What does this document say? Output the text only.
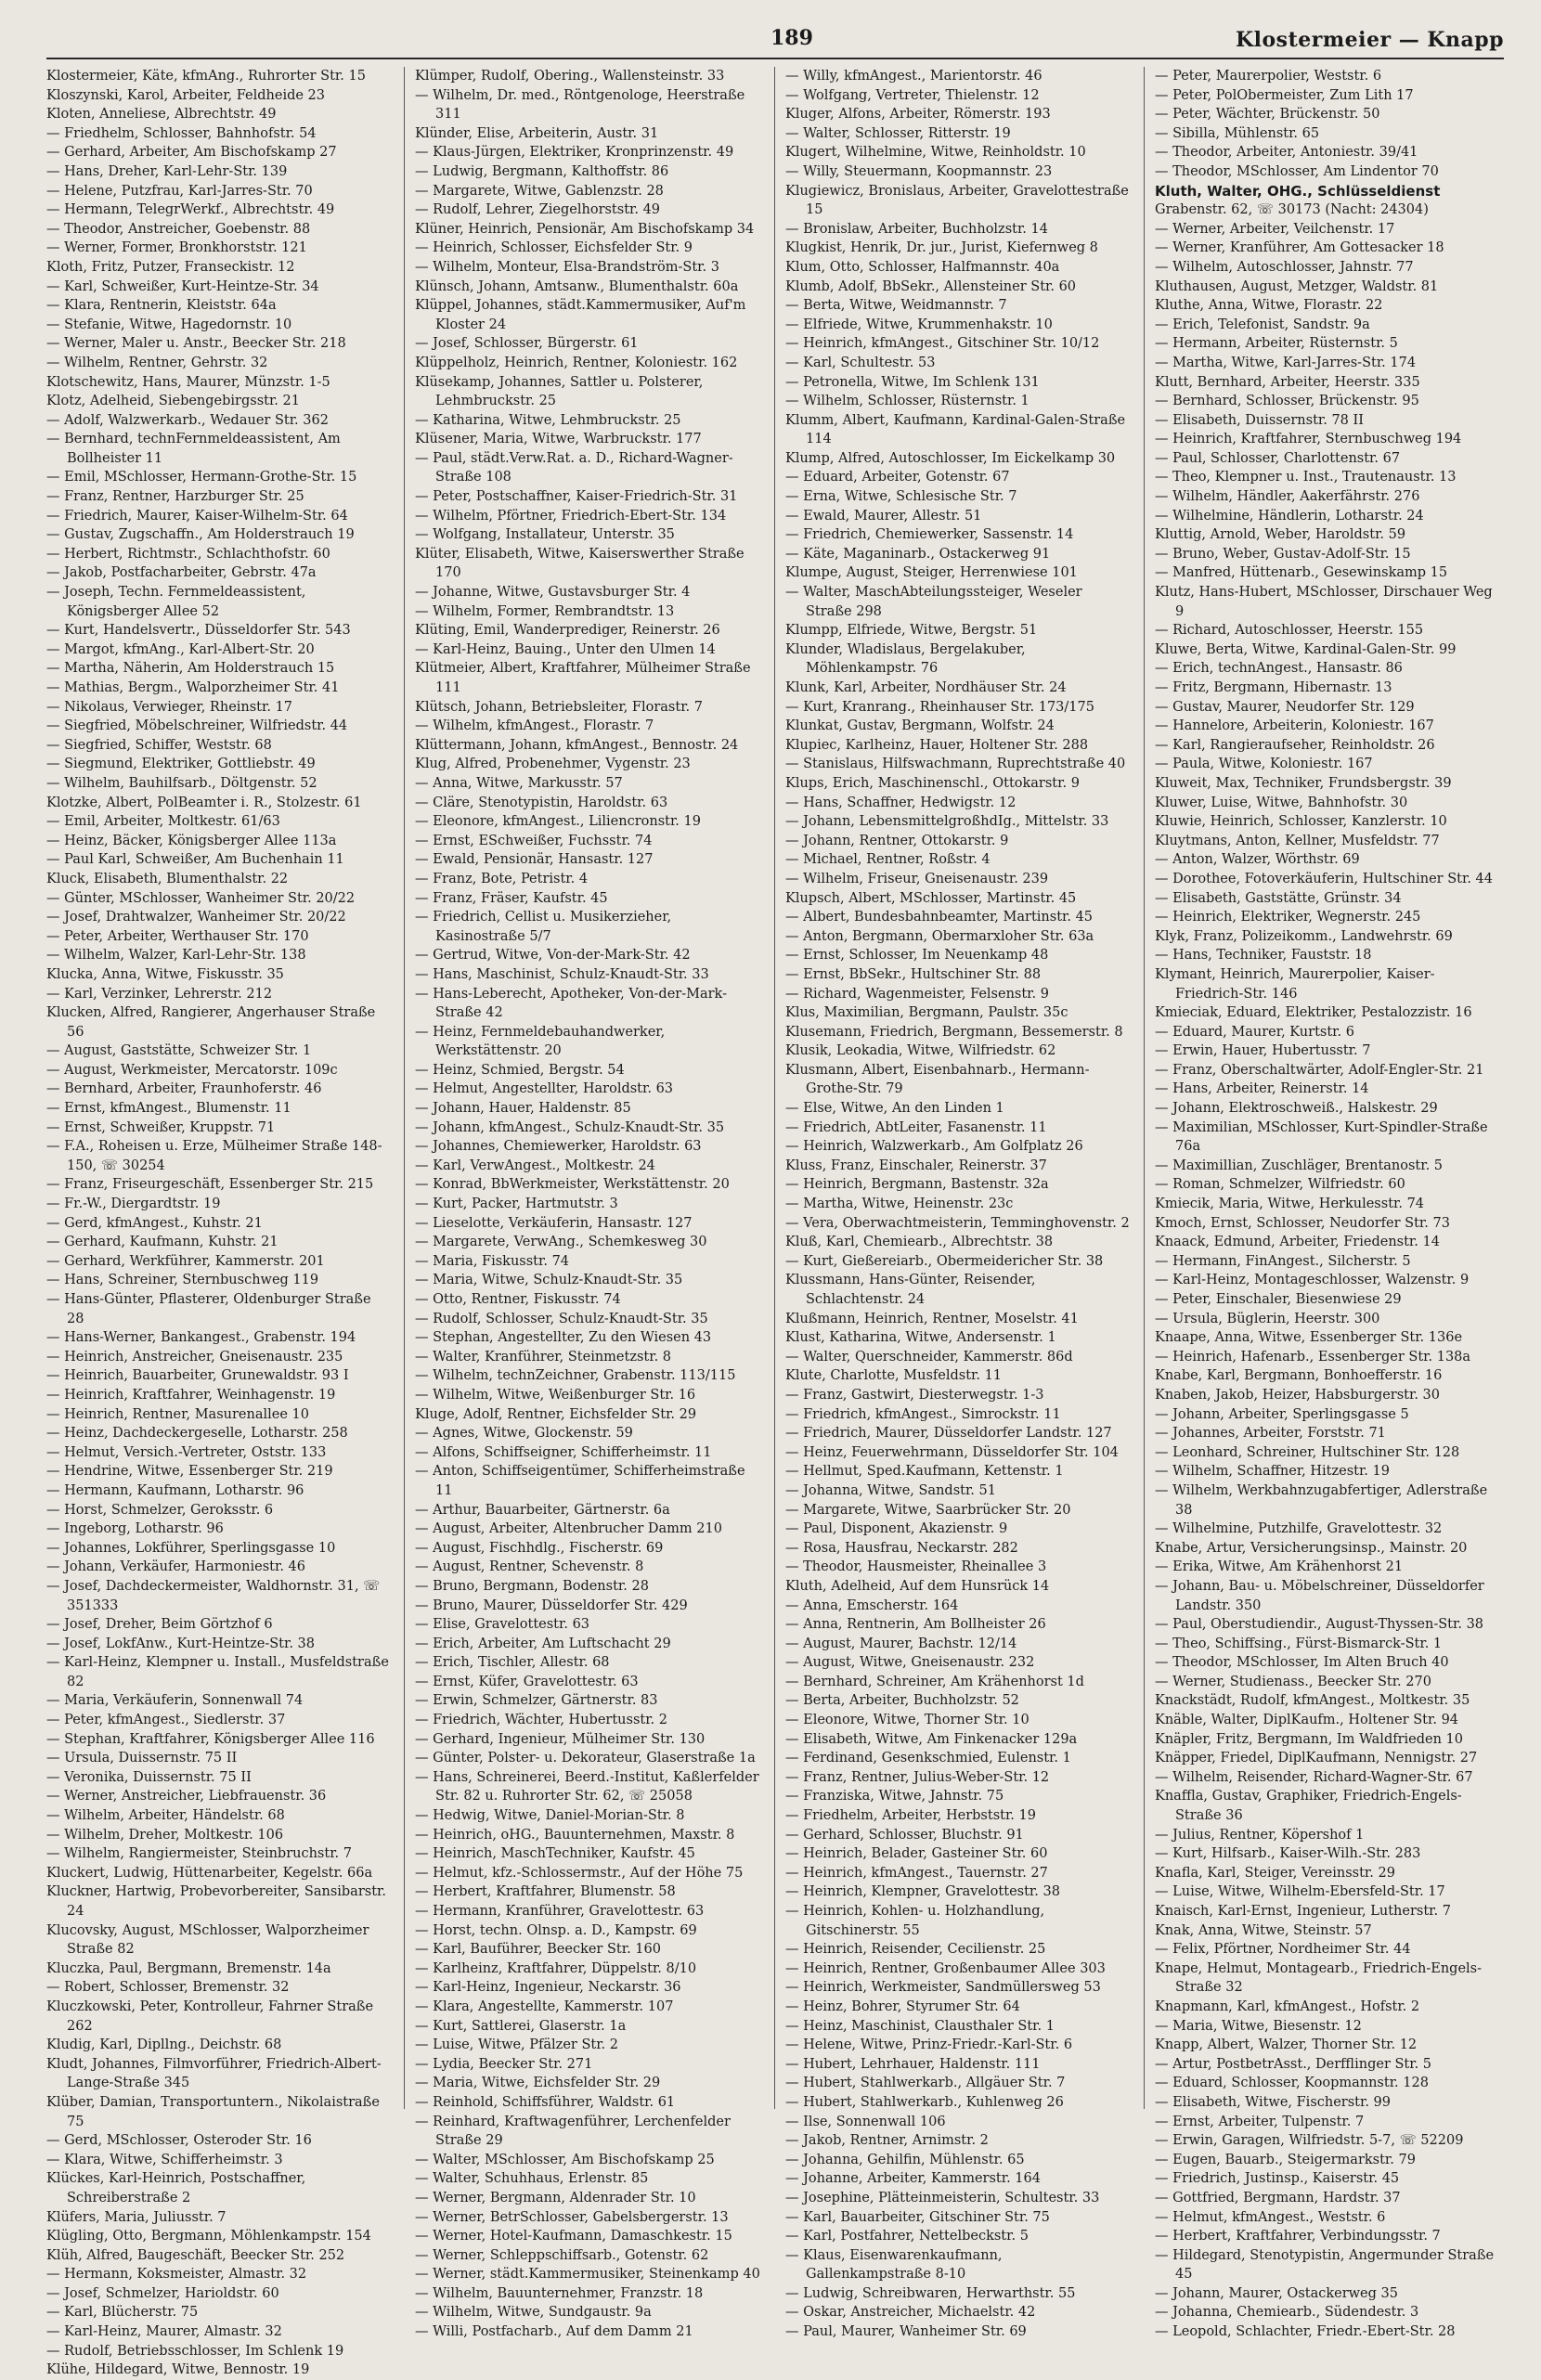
189	Klostermeier — Knapp
Klostermeier, Käte, kfmAng., Ruhrorter Str. 15
Kloszynski, Karol, Arbeiter, Feldheide 23
Kloten, Anneliese, Albrechtstr. 49
— Friedhelm, Schlosser, Bahnhofstr. 54
— Gerhard, Arbeiter, Am Bischofskamp 27
— Hans, Dreher, Karl-Lehr-Str. 139
— Helene, Putzfrau, Karl-Jarres-Str. 70
— Hermann, TelegrWerkf., Albrechtstr. 49
— Theodor, Anstreicher, Goebenstr. 88
— Werner, Former, Bronkhorststr. 121
Kloth, Fritz, Putzer, Franseckistr. 12
— Karl, Schweißer, Kurt-Heintze-Str. 34
— Klara, Rentnerin, Kleiststr. 64a
— Stefanie, Witwe, Hagedornstr. 10
— Werner, Maler u. Anstr., Beecker Str. 218
— Wilhelm, Rentner, Gehrstr. 32
Klotschewitz, Hans, Maurer, Münzstr. 1-5
Klotz, Adelheid, Siebengebirgsstr. 21
— Adolf, Walzwerkarb., Wedauer Str. 362
— Bernhard, technFernmeldeassistent, Am Bollheister 11
— Emil, MSchlosser, Hermann-Grothe-Str. 15
— Franz, Rentner, Harzburger Str. 25
— Friedrich, Maurer, Kaiser-Wilhelm-Str. 64
— Gustav, Zugschaffn., Am Holderstrauch 19
— Herbert, Richtmstr., Schlachthofstr. 60
— Jakob, Postfacharbeiter, Gebrstr. 47a
— Joseph, Techn. Fernmeldeassistent, Königsberger Allee 52
— Kurt, Handelsvertr., Düsseldorfer Str. 543
— Margot, kfmAng., Karl-Albert-Str. 20
— Martha, Näherin, Am Holderstrauch 15
— Mathias, Bergm., Walporzheimer Str. 41
— Nikolaus, Verwieger, Rheinstr. 17
— Siegfried, Möbelschreiner, Wilfriedstr. 44
— Siegfried, Schiffer, Weststr. 68
— Siegmund, Elektriker, Gottliebstr. 49
— Wilhelm, Bauhilfsarb., Döltgenstr. 52
Klotzke, Albert, PolBeamter i. R., Stolzestr. 61
— Emil, Arbeiter, Moltkestr. 61/63
— Heinz, Bäcker, Königsberger Allee 113a
— Paul Karl, Schweißer, Am Buchenhain 11
Kluck, Elisabeth, Blumenthalstr. 22
— Günter, MSchlosser, Wanheimer Str. 20/22
— Josef, Drahtwalzer, Wanheimer Str. 20/22
— Peter, Arbeiter, Werthauser Str. 170
— Wilhelm, Walzer, Karl-Lehr-Str. 138
Klucka, Anna, Witwe, Fiskusstr. 35
— Karl, Verzinker, Lehrerstr. 212
Klucken, Alfred, Rangierer, Angerhauser Straße 56
— August, Gaststätte, Schweizer Str. 1
— August, Werkmeister, Mercatorstr. 109c
— Bernhard, Arbeiter, Fraunhoferstr. 46
— Ernst, kfmAngest., Blumenstr. 11
— Ernst, Schweißer, Kruppstr. 71
— F.A., Roheisen u. Erze, Mülheimer Straße 148-150, ☏ 30254
— Franz, Friseurgeschäft, Essenberger Str. 215
— Fr.-W., Diergardtstr. 19
— Gerd, kfmAngest., Kuhstr. 21
— Gerhard, Kaufmann, Kuhstr. 21
— Gerhard, Werkführer, Kammerstr. 201
— Hans, Schreiner, Sternbuschweg 119
— Hans-Günter, Pflasterer, Oldenburger Straße 28
— Hans-Werner, Bankangest., Grabenstr. 194
— Heinrich, Anstreicher, Gneisenaustr. 235
— Heinrich, Bauarbeiter, Grunewaldstr. 93 I
— Heinrich, Kraftfahrer, Weinhagenstr. 19
— Heinrich, Rentner, Masurenallee 10
— Heinz, Dachdeckergeselle, Lotharstr. 258
— Helmut, Versich.-Vertreter, Oststr. 133
— Hendrine, Witwe, Essenberger Str. 219
— Hermann, Kaufmann, Lotharstr. 96
— Horst, Schmelzer, Geroksstr. 6
— Ingeborg, Lotharstr. 96
— Johannes, Lokführer, Sperlingsgasse 10
— Johann, Verkäufer, Harmoniestr. 46
— Josef, Dachdeckermeister, Waldhornstr. 31, ☏ 351333
— Josef, Dreher, Beim Görtzhof 6
— Josef, LokfAnw., Kurt-Heintze-Str. 38
— Karl-Heinz, Klempner u. Install., Musfeldstraße 82
— Maria, Verkäuferin, Sonnenwall 74
— Peter, kfmAngest., Siedlerstr. 37
— Stephan, Kraftfahrer, Königsberger Allee 116
— Ursula, Duissernstr. 75 II
— Veronika, Duissernstr. 75 II
— Werner, Anstreicher, Liebfrauenstr. 36
— Wilhelm, Arbeiter, Händelstr. 68
— Wilhelm, Dreher, Moltkestr. 106
— Wilhelm, Rangiermeister, Steinbruchstr. 7
Kluckert, Ludwig, Hüttenarbeiter, Kegelstr. 66a
Kluckner, Hartwig, Probevorbereiter, Sansibarstr. 24
Klucovsky, August, MSchlosser, Walporzheimer Straße 82
Kluczka, Paul, Bergmann, Bremenstr. 14a
— Robert, Schlosser, Bremenstr. 32
Kluczkowski, Peter, Kontrolleur, Fahrner Straße 262
Kludig, Karl, Dipllng., Deichstr. 68
Kludt, Johannes, Filmvorführer, Friedrich-Albert-Lange-Straße 345
Klüber, Damian, Transportuntern., Nikolaistraße 75
— Gerd, MSchlosser, Osteroder Str. 16
— Klara, Witwe, Schifferheimstr. 3
Klückes, Karl-Heinrich, Postschaffner, Schreiberstraße 2
Klüfers, Maria, Juliusstr. 7
Klügling, Otto, Bergmann, Möhlenkampstr. 154
Klüh, Alfred, Baugeschäft, Beecker Str. 252
— Hermann, Koksmeister, Almastr. 32
— Josef, Schmelzer, Harioldstr. 60
— Karl, Blücherstr. 75
— Karl-Heinz, Maurer, Almastr. 32
— Rudolf, Betriebsschlosser, Im Schlenk 19
Klühe, Hildegard, Witwe, Bennostr. 19
Klümper, Rudolf, Obering., Wallensteinstr. 33
— Wilhelm, Dr. med., Röntgenologe, Heerstraße 311
Klünder, Elise, Arbeiterin, Austr. 31
— Klaus-Jürgen, Elektriker, Kronprinzenstr. 49
— Ludwig, Bergmann, Kalthoffstr. 86
— Margarete, Witwe, Gablenzstr. 28
— Rudolf, Lehrer, Ziegelhorststr. 49
Klüner, Heinrich, Pensionär, Am Bischofskamp 34
— Heinrich, Schlosser, Eichsfelder Str. 9
— Wilhelm, Monteur, Elsa-Brandström-Str. 3
Klünsch, Johann, Amtsanw., Blumenthalstr. 60a
Klüppel, Johannes, städt.Kammermusiker, Auf'm Kloster 24
— Josef, Schlosser, Bürgerstr. 61
Klüppelholz, Heinrich, Rentner, Koloniestr. 162
Klüsekamp, Johannes, Sattler u. Polsterer, Lehmbruckstr. 25
— Katharina, Witwe, Lehmbruckstr. 25
Klüsener, Maria, Witwe, Warbruckstr. 177
— Paul, städt.Verw.Rat. a. D., Richard-Wagner-Straße 108
— Peter, Postschaffner, Kaiser-Friedrich-Str. 31
— Wilhelm, Pförtner, Friedrich-Ebert-Str. 134
— Wolfgang, Installateur, Unterstr. 35
Klüter, Elisabeth, Witwe, Kaiserswerther Straße 170
— Johanne, Witwe, Gustavsburger Str. 4
— Wilhelm, Former, Rembrandtstr. 13
Klüting, Emil, Wanderprediger, Reinerstr. 26
— Karl-Heinz, Bauing., Unter den Ulmen 14
Klütmeier, Albert, Kraftfahrer, Mülheimer Straße 111
Klütsch, Johann, Betriebsleiter, Florastr. 7
— Wilhelm, kfmAngest., Florastr. 7
Klüttermann, Johann, kfmAngest., Bennostr. 24
Klug, Alfred, Probenehmer, Vygenstr. 23
— Anna, Witwe, Markusstr. 57
— Cläre, Stenotypistin, Haroldstr. 63
— Eleonore, kfmAngest., Liliencronstr. 19
— Ernst, ESchweißer, Fuchsstr. 74
— Ewald, Pensionär, Hansastr. 127
— Franz, Bote, Petristr. 4
— Franz, Fräser, Kaufstr. 45
— Friedrich, Cellist u. Musikerzieher, Kasinostraße 5/7
— Gertrud, Witwe, Von-der-Mark-Str. 42
— Hans, Maschinist, Schulz-Knaudt-Str. 33
— Hans-Leberecht, Apotheker, Von-der-Mark-Straße 42
— Heinz, Fernmeldebauhandwerker, Werkstättenstr. 20
— Heinz, Schmied, Bergstr. 54
— Helmut, Angestellter, Haroldstr. 63
— Johann, Hauer, Haldenstr. 85
— Johann, kfmAngest., Schulz-Knaudt-Str. 35
— Johannes, Chemiewerker, Haroldstr. 63
— Karl, VerwAngest., Moltkestr. 24
— Konrad, BbWerkmeister, Werkstättenstr. 20
— Kurt, Packer, Hartmutstr. 3
— Lieselotte, Verkäuferin, Hansastr. 127
— Margarete, VerwAng., Schemkesweg 30
— Maria, Fiskusstr. 74
— Maria, Witwe, Schulz-Knaudt-Str. 35
— Otto, Rentner, Fiskusstr. 74
— Rudolf, Schlosser, Schulz-Knaudt-Str. 35
— Stephan, Angestellter, Zu den Wiesen 43
— Walter, Kranführer, Steinmetzstr. 8
— Wilhelm, technZeichner, Grabenstr. 113/115
— Wilhelm, Witwe, Weißenburger Str. 16
Kluge, Adolf, Rentner, Eichsfelder Str. 29
— Agnes, Witwe, Glockenstr. 59
— Alfons, Schiffseigner, Schifferheimstr. 11
— Anton, Schiffseigentümer, Schifferheimstraße 11
— Arthur, Bauarbeiter, Gärtnerstr. 6a
— August, Arbeiter, Altenbrucher Damm 210
— August, Fischhdlg., Fischerstr. 69
— August, Rentner, Schevenstr. 8
— Bruno, Bergmann, Bodenstr. 28
— Bruno, Maurer, Düsseldorfer Str. 429
— Elise, Gravelottestr. 63
— Erich, Arbeiter, Am Luftschacht 29
— Erich, Tischler, Allestr. 68
— Ernst, Küfer, Gravelottestr. 63
— Erwin, Schmelzer, Gärtnerstr. 83
— Friedrich, Wächter, Hubertusstr. 2
— Gerhard, Ingenieur, Mülheimer Str. 130
— Günter, Polster- u. Dekorateur, Glaserstraße 1a
— Hans, Schreinerei, Beerd.-Institut, Kaßlerfelder Str. 82 u. Ruhrorter Str. 62, ☏ 25058
— Hedwig, Witwe, Daniel-Morian-Str. 8
— Heinrich, oHG., Bauunternehmen, Maxstr. 8
— Heinrich, MaschTechniker, Kaufstr. 45
— Helmut, kfz.-Schlossermstr., Auf der Höhe 75
— Herbert, Kraftfahrer, Blumenstr. 58
— Hermann, Kranführer, Gravelottestr. 63
— Horst, techn. Olnsp. a. D., Kampstr. 69
— Karl, Bauführer, Beecker Str. 160
— Karlheinz, Kraftfahrer, Düppelstr. 8/10
— Karl-Heinz, Ingenieur, Neckarstr. 36
— Klara, Angestellte, Kammerstr. 107
— Kurt, Sattlerei, Glaserstr. 1a
— Luise, Witwe, Pfälzer Str. 2
— Lydia, Beecker Str. 271
— Maria, Witwe, Eichsfelder Str. 29
— Reinhold, Schiffsführer, Waldstr. 61
— Reinhard, Kraftwagenführer, Lerchenfelder Straße 29
— Walter, MSchlosser, Am Bischofskamp 25
— Walter, Schuhhaus, Erlenstr. 85
— Werner, Bergmann, Aldenrader Str. 10
— Werner, BetrSchlosser, Gabelsbergerstr. 13
— Werner, Hotel-Kaufmann, Damaschkestr. 15
— Werner, Schleppschiffsarb., Gotenstr. 62
— Werner, städt.Kammermusiker, Steinenkamp 40
— Wilhelm, Bauunternehmer, Franzstr. 18
— Wilhelm, Witwe, Sundgaustr. 9a
— Willi, Postfacharb., Auf dem Damm 21
— Willy, kfmAngest., Marientorstr. 46
— Wolfgang, Vertreter, Thielenstr. 12
Kluger, Alfons, Arbeiter, Römerstr. 193
— Walter, Schlosser, Ritterstr. 19
Klugert, Wilhelmine, Witwe, Reinholdstr. 10
— Willy, Steuermann, Koopmannstr. 23
Klugiewicz, Bronislaus, Arbeiter, Gravelottestraße 15
— Bronislaw, Arbeiter, Buchholzstr. 14
Klugkist, Henrik, Dr. jur., Jurist, Kiefernweg 8
Klum, Otto, Schlosser, Halfmannstr. 40a
Klumb, Adolf, BbSekr., Allensteiner Str. 60
— Berta, Witwe, Weidmannstr. 7
— Elfriede, Witwe, Krummenhakstr. 10
— Heinrich, kfmAngest., Gitschiner Str. 10/12
— Karl, Schultestr. 53
— Petronella, Witwe, Im Schlenk 131
— Wilhelm, Schlosser, Rüsternstr. 1
Klumm, Albert, Kaufmann, Kardinal-Galen-Straße 114
Klump, Alfred, Autoschlosser, Im Eickelkamp 30
— Eduard, Arbeiter, Gotenstr. 67
— Erna, Witwe, Schlesische Str. 7
— Ewald, Maurer, Allestr. 51
— Friedrich, Chemiewerker, Sassenstr. 14
— Käte, Maganinarb., Ostackerweg 91
Klumpe, August, Steiger, Herrenwiese 101
— Walter, MaschAbteilungssteiger, Weseler Straße 298
Klumpp, Elfriede, Witwe, Bergstr. 51
Klunder, Wladislaus, Bergelakuber, Möhlenkampstr. 76
Klunk, Karl, Arbeiter, Nordhäuser Str. 24
— Kurt, Kranrang., Rheinhauser Str. 173/175
Klunkat, Gustav, Bergmann, Wolfstr. 24
Klupiec, Karlheinz, Hauer, Holtener Str. 288
— Stanislaus, Hilfswachmann, Ruprechtstraße 40
Klups, Erich, Maschinenschl., Ottokarstr. 9
— Hans, Schaffner, Hedwigstr. 12
— Johann, LebensmittelgroßhdIg., Mittelstr. 33
— Johann, Rentner, Ottokarstr. 9
— Michael, Rentner, Roßstr. 4
— Wilhelm, Friseur, Gneisenaustr. 239
Klupsch, Albert, MSchlosser, Martinstr. 45
— Albert, Bundesbahnbeamter, Martinstr. 45
— Anton, Bergmann, Obermarxloher Str. 63a
— Ernst, Schlosser, Im Neuenkamp 48
— Ernst, BbSekr., Hultschiner Str. 88
— Richard, Wagenmeister, Felsenstr. 9
Klus, Maximilian, Bergmann, Paulstr. 35c
Klusemann, Friedrich, Bergmann, Bessemerstr. 8
Klusik, Leokadia, Witwe, Wilfriedstr. 62
Klusmann, Albert, Eisenbahnarb., Hermann-Grothe-Str. 79
— Else, Witwe, An den Linden 1
— Friedrich, AbtLeiter, Fasanenstr. 11
— Heinrich, Walzwerkarb., Am Golfplatz 26
Kluss, Franz, Einschaler, Reinerstr. 37
— Heinrich, Bergmann, Bastenstr. 32a
— Martha, Witwe, Heinenstr. 23c
— Vera, Oberwachtmeisterin, Temminghovenstr. 2
Kluß, Karl, Chemiearb., Albrechtstr. 38
— Kurt, Gießereiarb., Obermeidericher Str. 38
Klussmann, Hans-Günter, Reisender, Schlachtenstr. 24
Klußmann, Heinrich, Rentner, Moselstr. 41
Klust, Katharina, Witwe, Andersenstr. 1
— Walter, Querschneider, Kammerstr. 86d
Klute, Charlotte, Musfeldstr. 11
— Franz, Gastwirt, Diesterwegstr. 1-3
— Friedrich, kfmAngest., Simrockstr. 11
— Friedrich, Maurer, Düsseldorfer Landstr. 127
— Heinz, Feuerwehrmann, Düsseldorfer Str. 104
— Hellmut, Sped.Kaufmann, Kettenstr. 1
— Johanna, Witwe, Sandstr. 51
— Margarete, Witwe, Saarbrücker Str. 20
— Paul, Disponent, Akazienstr. 9
— Rosa, Hausfrau, Neckarstr. 282
— Theodor, Hausmeister, Rheinallee 3
Kluth, Adelheid, Auf dem Hunsrück 14
— Anna, Emscherstr. 164
— Anna, Rentnerin, Am Bollheister 26
— August, Maurer, Bachstr. 12/14
— August, Witwe, Gneisenaustr. 232
— Bernhard, Schreiner, Am Krähenhorst 1d
— Berta, Arbeiter, Buchholzstr. 52
— Eleonore, Witwe, Thorner Str. 10
— Elisabeth, Witwe, Am Finkenacker 129a
— Ferdinand, Gesenkschmied, Eulenstr. 1
— Franz, Rentner, Julius-Weber-Str. 12
— Franziska, Witwe, Jahnstr. 75
— Friedhelm, Arbeiter, Herbststr. 19
— Gerhard, Schlosser, Bluchstr. 91
— Heinrich, Belader, Gasteiner Str. 60
— Heinrich, kfmAngest., Tauernstr. 27
— Heinrich, Klempner, Gravelottestr. 38
— Heinrich, Kohlen- u. Holzhandlung, Gitschinerstr. 55
— Heinrich, Reisender, Cecilienstr. 25
— Heinrich, Rentner, Großenbaumer Allee 303
— Heinrich, Werkmeister, Sandmüllersweg 53
— Heinz, Bohrer, Styrumer Str. 64
— Heinz, Maschinist, Clausthaler Str. 1
— Helene, Witwe, Prinz-Friedr.-Karl-Str. 6
— Hubert, Lehrhauer, Haldenstr. 111
— Hubert, Stahlwerkarb., Allgäuer Str. 7
— Hubert, Stahlwerkarb., Kuhlenweg 26
— Ilse, Sonnenwall 106
— Jakob, Rentner, Arnimstr. 2
— Johanna, Gehilfin, Mühlenstr. 65
— Johanne, Arbeiter, Kammerstr. 164
— Josephine, Plätteinmeisterin, Schultestr. 33
— Karl, Bauarbeiter, Gitschiner Str. 75
— Karl, Postfahrer, Nettelbeckstr. 5
— Klaus, Eisenwarenkaufmann, Gallenkampstraße 8-10
— Ludwig, Schreibwaren, Herwarthstr. 55
— Oskar, Anstreicher, Michaelstr. 42
— Paul, Maurer, Wanheimer Str. 69
— Peter, Maurerpolier, Weststr. 6
— Peter, PolObermeister, Zum Lith 17
— Peter, Wächter, Brückenstr. 50
— Sibilla, Mühlenstr. 65
— Theodor, Arbeiter, Antoniestr. 39/41
— Theodor, MSchlosser, Am Lindentor 70
Kluth, Walter, OHG., Schlüsseldienst
Grabenstr. 62, ☏ 30173 (Nacht: 24304)
— Werner, Arbeiter, Veilchenstr. 17
— Werner, Kranführer, Am Gottesacker 18
— Wilhelm, Autoschlosser, Jahnstr. 77
Kluthausen, August, Metzger, Waldstr. 81
Kluthe, Anna, Witwe, Florastr. 22
— Erich, Telefonist, Sandstr. 9a
— Hermann, Arbeiter, Rüsternstr. 5
— Martha, Witwe, Karl-Jarres-Str. 174
Klutt, Bernhard, Arbeiter, Heerstr. 335
— Bernhard, Schlosser, Brückenstr. 95
— Elisabeth, Duissernstr. 78 II
— Heinrich, Kraftfahrer, Sternbuschweg 194
— Paul, Schlosser, Charlottenstr. 67
— Theo, Klempner u. Inst., Trautenaustr. 13
— Wilhelm, Händler, Aakerfährstr. 276
— Wilhelmine, Händlerin, Lotharstr. 24
Kluttig, Arnold, Weber, Haroldstr. 59
— Bruno, Weber, Gustav-Adolf-Str. 15
— Manfred, Hüttenarb., Gesewinskamp 15
Klutz, Hans-Hubert, MSchlosser, Dirschauer Weg 9
— Richard, Autoschlosser, Heerstr. 155
Kluwe, Berta, Witwe, Kardinal-Galen-Str. 99
— Erich, technAngest., Hansastr. 86
— Fritz, Bergmann, Hibernastr. 13
— Gustav, Maurer, Neudorfer Str. 129
— Hannelore, Arbeiterin, Koloniestr. 167
— Karl, Rangieraufseher, Reinholdstr. 26
— Paula, Witwe, Koloniestr. 167
Kluweit, Max, Techniker, Frundsbergstr. 39
Kluwer, Luise, Witwe, Bahnhofstr. 30
Kluwie, Heinrich, Schlosser, Kanzlerstr. 10
Kluytmans, Anton, Kellner, Musfeldstr. 77
— Anton, Walzer, Wörthstr. 69
— Dorothee, Fotoverkäuferin, Hultschiner Str. 44
— Elisabeth, Gaststätte, Grünstr. 34
— Heinrich, Elektriker, Wegnerstr. 245
Klyk, Franz, Polizeikomm., Landwehrstr. 69
— Hans, Techniker, Fauststr. 18
Klymant, Heinrich, Maurerpolier, Kaiser-Friedrich-Str. 146
Kmieciak, Eduard, Elektriker, Pestalozzistr. 16
— Eduard, Maurer, Kurtstr. 6
— Erwin, Hauer, Hubertusstr. 7
— Franz, Oberschaltwärter, Adolf-Engler-Str. 21
— Hans, Arbeiter, Reinerstr. 14
— Johann, Elektroschweiß., Halskestr. 29
— Maximilian, MSchlosser, Kurt-Spindler-Straße 76a
— Maximillian, Zuschläger, Brentanostr. 5
— Roman, Schmelzer, Wilfriedstr. 60
Kmiecik, Maria, Witwe, Herkulesstr. 74
Kmoch, Ernst, Schlosser, Neudorfer Str. 73
Knaack, Edmund, Arbeiter, Friedenstr. 14
— Hermann, FinAngest., Silcherstr. 5
— Karl-Heinz, Montageschlosser, Walzenstr. 9
— Peter, Einschaler, Biesenwiese 29
— Ursula, Büglerin, Heerstr. 300
Knaape, Anna, Witwe, Essenberger Str. 136e
— Heinrich, Hafenarb., Essenberger Str. 138a
Knabe, Karl, Bergmann, Bonhoefferstr. 16
Knaben, Jakob, Heizer, Habsburgerstr. 30
— Johann, Arbeiter, Sperlingsgasse 5
— Johannes, Arbeiter, Forststr. 71
— Leonhard, Schreiner, Hultschiner Str. 128
— Wilhelm, Schaffner, Hitzestr. 19
— Wilhelm, Werkbahnzugabfertiger, Adlerstraße 38
— Wilhelmine, Putzhilfe, Gravelottestr. 32
Knabe, Artur, Versicherungsinsp., Mainstr. 20
— Erika, Witwe, Am Krähenhorst 21
— Johann, Bau- u. Möbelschreiner, Düsseldorfer Landstr. 350
— Paul, Oberstudiendir., August-Thyssen-Str. 38
— Theo, Schiffsing., Fürst-Bismarck-Str. 1
— Theodor, MSchlosser, Im Alten Bruch 40
— Werner, Studienass., Beecker Str. 270
Knackstädt, Rudolf, kfmAngest., Moltkestr. 35
Knäble, Walter, DiplKaufm., Holtener Str. 94
Knäpler, Fritz, Bergmann, Im Waldfrieden 10
Knäpper, Friedel, DiplKaufmann, Nennigstr. 27
— Wilhelm, Reisender, Richard-Wagner-Str. 67
Knaffla, Gustav, Graphiker, Friedrich-Engels-Straße 36
— Julius, Rentner, Köpershof 1
— Kurt, Hilfsarb., Kaiser-Wilh.-Str. 283
Knafla, Karl, Steiger, Vereinsstr. 29
— Luise, Witwe, Wilhelm-Ebersfeld-Str. 17
Knaisch, Karl-Ernst, Ingenieur, Lutherstr. 7
Knak, Anna, Witwe, Steinstr. 57
— Felix, Pförtner, Nordheimer Str. 44
Knape, Helmut, Montagearb., Friedrich-Engels-Straße 32
Knapmann, Karl, kfmAngest., Hofstr. 2
— Maria, Witwe, Biesenstr. 12
Knapp, Albert, Walzer, Thorner Str. 12
— Artur, PostbetrAsst., Derfflinger Str. 5
— Eduard, Schlosser, Koopmannstr. 128
— Elisabeth, Witwe, Fischerstr. 99
— Ernst, Arbeiter, Tulpenstr. 7
— Erwin, Garagen, Wilfriedstr. 5-7, ☏ 52209
— Eugen, Bauarb., Steigermarkstr. 79
— Friedrich, Justinsp., Kaiserstr. 45
— Gottfried, Bergmann, Hardstr. 37
— Helmut, kfmAngest., Weststr. 6
— Herbert, Kraftfahrer, Verbindungsstr. 7
— Hildegard, Stenotypistin, Angermunder Straße 45
— Johann, Maurer, Ostackerweg 35
— Johanna, Chemiearb., Südendestr. 3
— Leopold, Schlachter, Friedr.-Ebert-Str. 28
